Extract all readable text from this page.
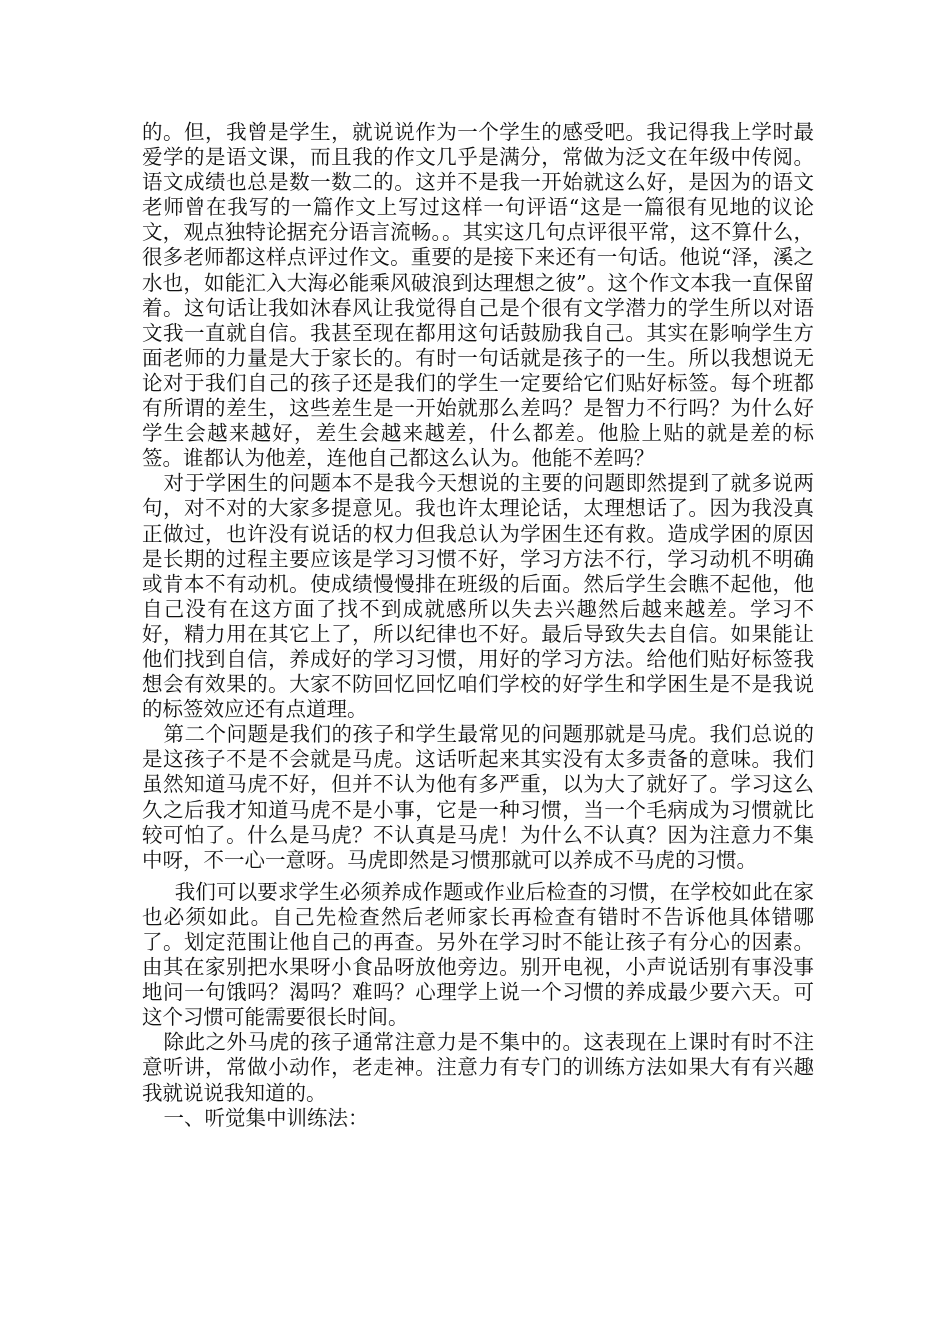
的。但，我曾是学生，就说说作为一个学生的感受吧。我记得我上学时最爱学的是语文课，而且我的作文几乎是满分，常做为泛文在年级中传阅。语文成绩也总是数一数二的。这并不是我一开始就这么好，是因为的语文老师曾在我写的一篇作文上写过这样一句评语“这是一篇很有见地的议论文，观点独特论据充分语言流畅。。其实这几句点评很平常，这不算什么，很多老师都这样点评过作文。重要的是接下来还有一句话。他说“泽，溪之水也，如能汇入大海必能乘风破浪到达理想之彼”。这个作文本我一直保留着。这句话让我如沐春风让我觉得自己是个很有文学潜力的学生所以对语文我一直就自信。我甚至现在都用这句话鼓励我自己。其实在影响学生方面老师的力量是大于家长的。有时一句话就是孩子的一生。所以我想说无论对于我们自己的孩子还是我们的学生一定要给它们贴好标签。每个班都有所谓的差生，这些差生是一开始就那么差吗？是智力不行吗？为什么好学生会越来越好，差生会越来越差，什么都差。他脸上贴的就是差的标签。谁都认为他差，连他自己都这么认为。他能不差吗？

对于学困生的问题本不是我今天想说的主要的问题即然提到了就多说两句，对不对的大家多提意见。我也许太理论话，太理想话了。因为我没真正做过，也许没有说话的权力但我总认为学困生还有救。造成学困的原因是长期的过程主要应该是学习习惯不好，学习方法不行，学习动机不明确或肯本不有动机。使成绩慢慢排在班级的后面。然后学生会瞧不起他，他自己没有在这方面了找不到成就感所以失去兴趣然后越来越差。学习不好，精力用在其它上了，所以纪律也不好。最后导致失去自信。如果能让他们找到自信，养成好的学习习惯，用好的学习方法。给他们贴好标签我想会有效果的。大家不防回忆回忆咱们学校的好学生和学困生是不是我说的标签效应还有点道理。

第二个问题是我们的孩子和学生最常见的问题那就是马虎。我们总说的是这孩子不是不会就是马虎。这话听起来其实没有太多责备的意味。我们虽然知道马虎不好，但并不认为他有多严重，以为大了就好了。学习这么久之后我才知道马虎不是小事，它是一种习惯，当一个毛病成为习惯就比较可怕了。什么是马虎？不认真是马虎！为什么不认真？因为注意力不集中呀，不一心一意呀。马虎即然是习惯那就可以养成不马虎的习惯。

我们可以要求学生必须养成作题或作业后检查的习惯，在学校如此在家也必须如此。自己先检查然后老师家长再检查有错时不告诉他具体错哪了。划定范围让他自己的再查。另外在学习时不能让孩子有分心的因素。由其在家别把水果呀小食品呀放他旁边。别开电视，小声说话别有事没事地问一句饿吗？渴吗？难吗？心理学上说一个习惯的养成最少要六天。可这个习惯可能需要很长时间。

除此之外马虎的孩子通常注意力是不集中的。这表现在上课时有时不注意听讲，常做小动作，老走神。注意力有专门的训练方法如果大有有兴趣我就说说我知道的。

一、听觉集中训练法：
